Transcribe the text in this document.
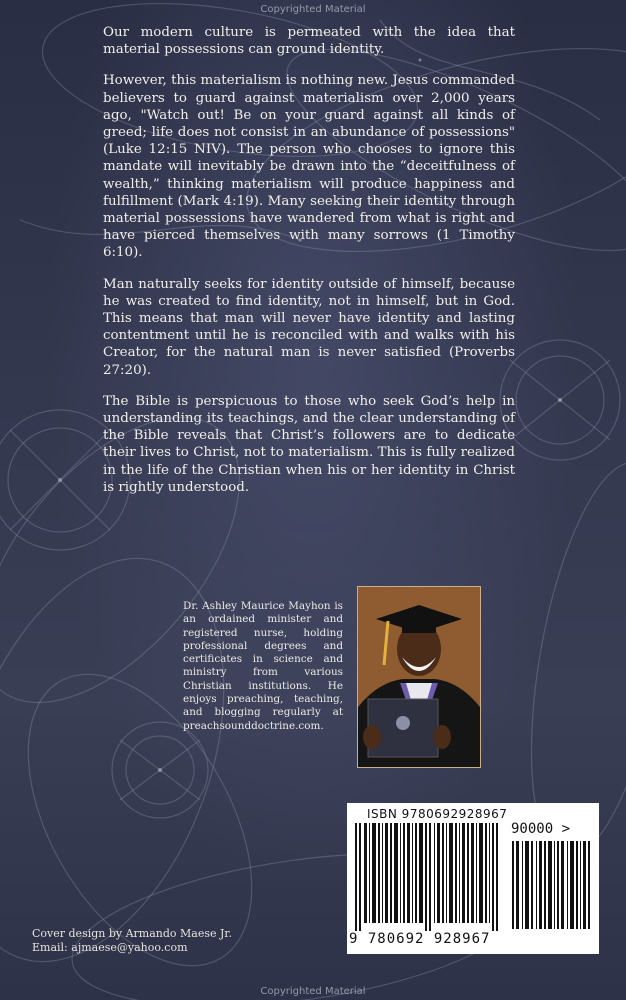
Copyrighted Material

Our modern culture is permeated with the idea that material possessions can ground identity.

However, this materialism is nothing new. Jesus commanded believers to guard against materialism over 2,000 years ago, "Watch out! Be on your guard against all kinds of greed; life does not consist in an abundance of possessions" (Luke 12:15 NIV). The person who chooses to ignore this mandate will inevitably be drawn into the “deceitfulness of wealth,” thinking materialism will produce happiness and fulfillment (Mark 4:19). Many seeking their identity through material possessions have wandered from what is right and have pierced themselves with many sorrows (1 Timothy 6:10).

Man naturally seeks for identity outside of himself, because he was created to find identity, not in himself, but in God. This means that man will never have identity and lasting contentment until he is reconciled with and walks with his Creator, for the natural man is never satisfied (Proverbs 27:20).

The Bible is perspicuous to those who seek God’s help in understanding its teachings, and the clear understanding of the Bible reveals that Christ’s followers are to dedicate their lives to Christ, not to materialism. This is fully realized in the life of the Christian when his or her identity in Christ is rightly understood.

Dr. Ashley Maurice Mayhon is an ordained minister and registered nurse, holding professional degrees and certificates in science and ministry from various Christian institutions. He enjoys preaching, teaching, and blogging regularly at preachsounddoctrine.com.
ISBN 9780692928967
90000 >
9 780692 928967
Cover design by Armando Maese Jr.
Email: ajmaese@yahoo.com
Copyrighted Material
